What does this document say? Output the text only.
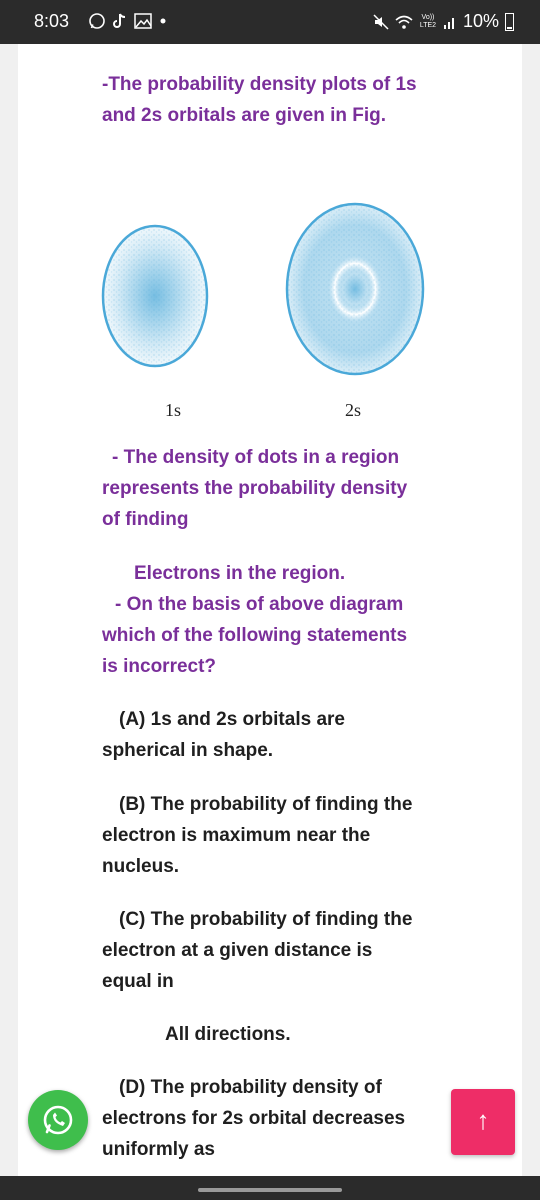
8:03	Vo)) LTE2 10%
-The probability density plots of 1s
and 2s orbitals are given in Fig.
1s	2s
- The density of dots in a region
represents the probability density
of finding
Electrons in the region.
- On the basis of above diagram
which of the following statements
is incorrect?
(A) 1s and 2s orbitals are
spherical in shape.
(B) The probability of finding the
electron is maximum near the
nucleus.
(C) The probability of finding the
electron at a given distance is
equal in
All directions.
(D) The probability density of
electrons for 2s orbital decreases
uniformly as
↑
